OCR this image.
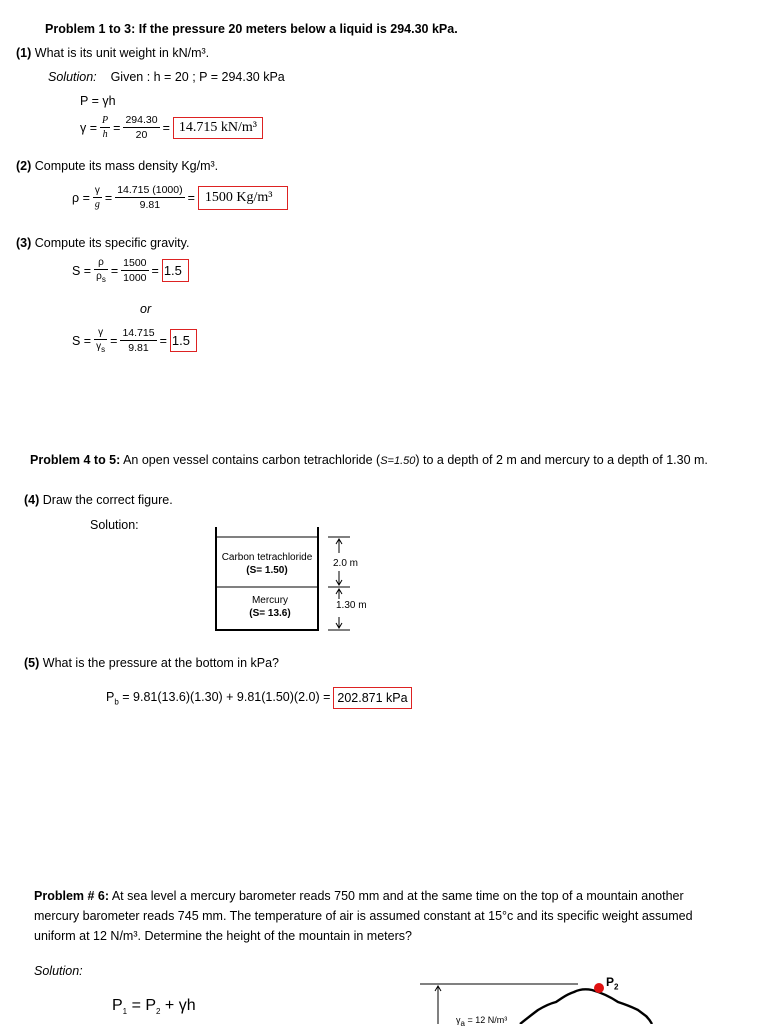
Problem 1 to 3: If the pressure 20 meters below a liquid is 294.30 kPa.
(1) What is its unit weight in kN/m³.
Solution: Given : h = 20 ; P = 294.30 kPa
P = γh
$\gamma = \frac{P}{h} = \frac{294.30}{20} = 14.715$ kN/m³
(2) Compute its mass density Kg/m³.
$\rho = \frac{\gamma}{g} = \frac{14.715 (1000)}{9.81} = 1500$ Kg/m³
(3) Compute its specific gravity.
$S = \frac{\rho}{\rho_s} = \frac{1500}{1000} = 1.5$
or
$S = \frac{\gamma}{\gamma_s} = \frac{14.715}{9.81} = 1.5$
Problem 4 to 5: An open vessel contains carbon tetrachloride (S=1.50) to a depth of 2 m and mercury to a depth of 1.30 m.
(4) Draw the correct figure.
Solution:
Carbon tetrachloride
(S= 1.50)
Mercury
(S= 13.6)
2.0 m
1.30 m
(5) What is the pressure at the bottom in kPa?
$P_b = 9.81(13.6)(1.30) + 9.81(1.50)(2.0) = 202.871$ kPa
Problem # 6: At sea level a mercury barometer reads 750 mm and at the same time on the top of a mountain another
mercury barometer reads 745 mm. The temperature of air is assumed constant at 15°c and its specific weight assumed
uniform at 12 N/m³. Determine the height of the mountain in meters?
Solution:
$P_1 = P_2 + \gamma h$
$P_2$
$\gamma_a = 12$ N/m³
